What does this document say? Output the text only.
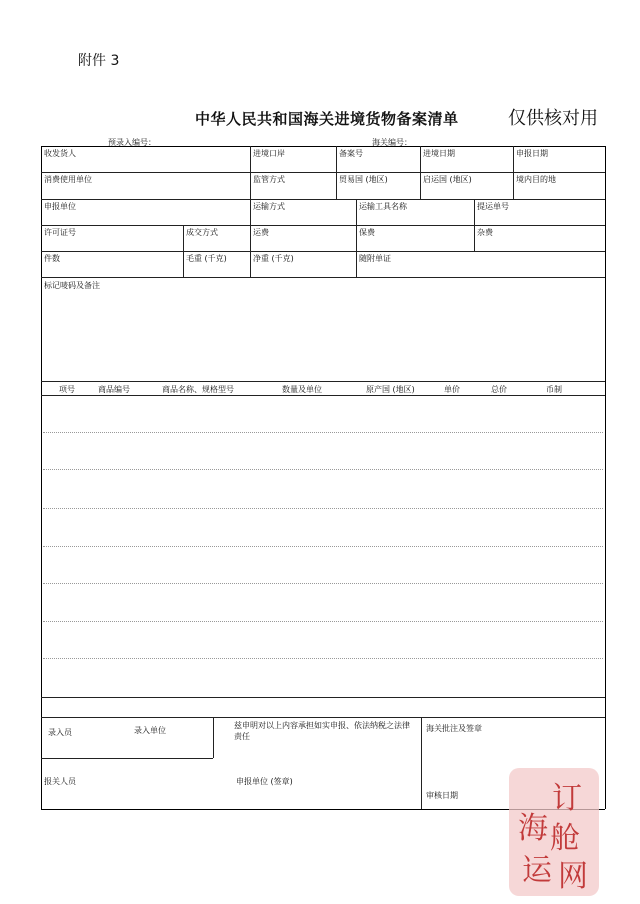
附件 3
中华人民共和国海关进境货物备案清单	仅供核对用
预录入编号：	海关编号：
收发货人	进境口岸	备案号	进境日期	申报日期
消费使用单位	监管方式	贸易国 (地区)	启运国 (地区)	境内目的地
申报单位	运输方式	运输工具名称	提运单号
许可证号	成交方式	运费	保费	杂费
件数	毛重 (千克)	净重 (千克)	随附单证
标记唛码及备注
项号	商品编号	商品名称、规格型号	数量及单位	原产国 (地区)	单价	总价	币制
录入员	录入单位
兹申明对以上内容承担如实申报、依法纳税之法律责任
海关批注及签章
报关人员	申报单位 (签章)
审核日期	订
舱
海
网
运
